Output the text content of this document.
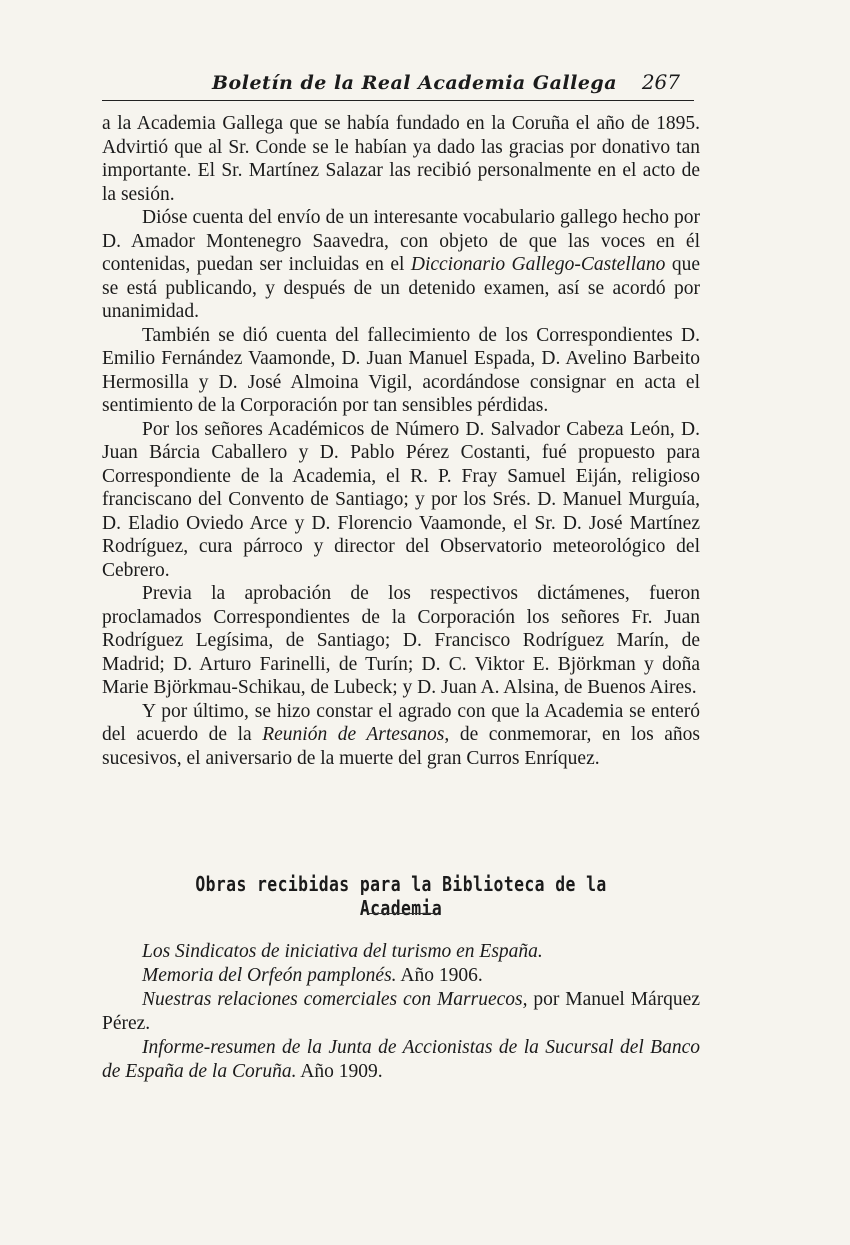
Boletín de la Real Academia Gallega 267

a la Academia Gallega que se había fundado en la Coruña el año de 1895. Advirtió que al Sr. Conde se le habían ya dado las gracias por donativo tan importante. El Sr. Martínez Salazar las recibió personalmente en el acto de la sesión.

Dióse cuenta del envío de un interesante vocabulario gallego hecho por D. Amador Montenegro Saavedra, con objeto de que las voces en él contenidas, puedan ser incluidas en el Diccionario Gallego-Castellano que se está publicando, y después de un detenido examen, así se acordó por unanimidad.

También se dió cuenta del fallecimiento de los Correspondientes D. Emilio Fernández Vaamonde, D. Juan Manuel Espada, D. Avelino Barbeito Hermosilla y D. José Almoina Vigil, acordándose consignar en acta el sentimiento de la Corporación por tan sensibles pérdidas.

Por los señores Académicos de Número D. Salvador Cabeza León, D. Juan Bárcia Caballero y D. Pablo Pérez Costanti, fué propuesto para Correspondiente de la Academia, el R. P. Fray Samuel Eiján, religioso franciscano del Convento de Santiago; y por los Srés. D. Manuel Murguía, D. Eladio Oviedo Arce y D. Florencio Vaamonde, el Sr. D. José Martínez Rodríguez, cura párroco y director del Observatorio meteorológico del Cebrero.

Previa la aprobación de los respectivos dictámenes, fueron proclamados Correspondientes de la Corporación los señores Fr. Juan Rodríguez Legísima, de Santiago; D. Francisco Rodríguez Marín, de Madrid; D. Arturo Farinelli, de Turín; D. C. Viktor E. Björkman y doña Marie Björkmau-Schikau, de Lubeck; y D. Juan A. Alsina, de Buenos Aires.

Y por último, se hizo constar el agrado con que la Academia se enteró del acuerdo de la Reunión de Artesanos, de conmemorar, en los años sucesivos, el aniversario de la muerte del gran Curros Enríquez.

Obras recibidas para la Biblioteca de la Academia

Los Sindicatos de iniciativa del turismo en España.

Memoria del Orfeón pamplonés. Año 1906.

Nuestras relaciones comerciales con Marruecos, por Manuel Márquez Pérez.

Informe-resumen de la Junta de Accionistas de la Sucursal del Banco de España de la Coruña. Año 1909.
